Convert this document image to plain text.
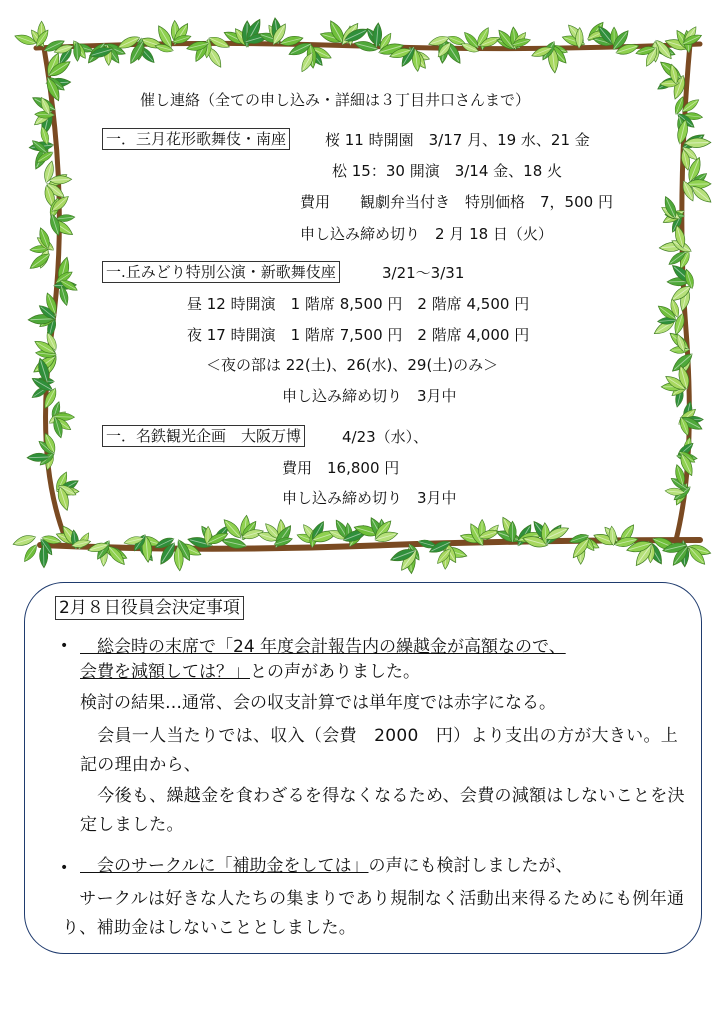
催し連絡（全ての申し込み・詳細は３丁目井口さんまで）
一．三月花形歌舞伎・南座	桜 11 時開園　3/17 月、19 水、21 金
松 15：30 開演　3/14 金、18 火
費用　　観劇弁当付き　特別価格　7，500 円
申し込み締め切り　2 月 18 日（火）
一.丘みどり特別公演・新歌舞伎座	3/21〜3/31
昼 12 時開演　1 階席 8,500 円　2 階席 4,500 円
夜 17 時開演　1 階席 7,500 円　2 階席 4,000 円
＜夜の部は 22(土)、26(水)、29(土)のみ＞
申し込み締め切り　3月中
一．名鉄観光企画　大阪万博	4/23（水）、
費用　16,800 円
申し込み締め切り　3月中
2月８日役員会決定事項
• 　総会時の末席で「24 年度会計報告内の繰越金が高額なので、
会費を減額しては？」との声がありました。
検討の結果…通常、会の収支計算では単年度では赤字になる。
　会員一人当たりでは、収入（会費　2000　円）より支出の方が大きい。上記の理由から、
　今後も、繰越金を食わざるを得なくなるため、会費の減額はしないことを決定しました。
• 　会のサークルに「補助金をしては」の声にも検討しましたが、
　サークルは好きな人たちの集まりであり規制なく活動出来得るためにも例年通り、補助金はしないこととしました。
